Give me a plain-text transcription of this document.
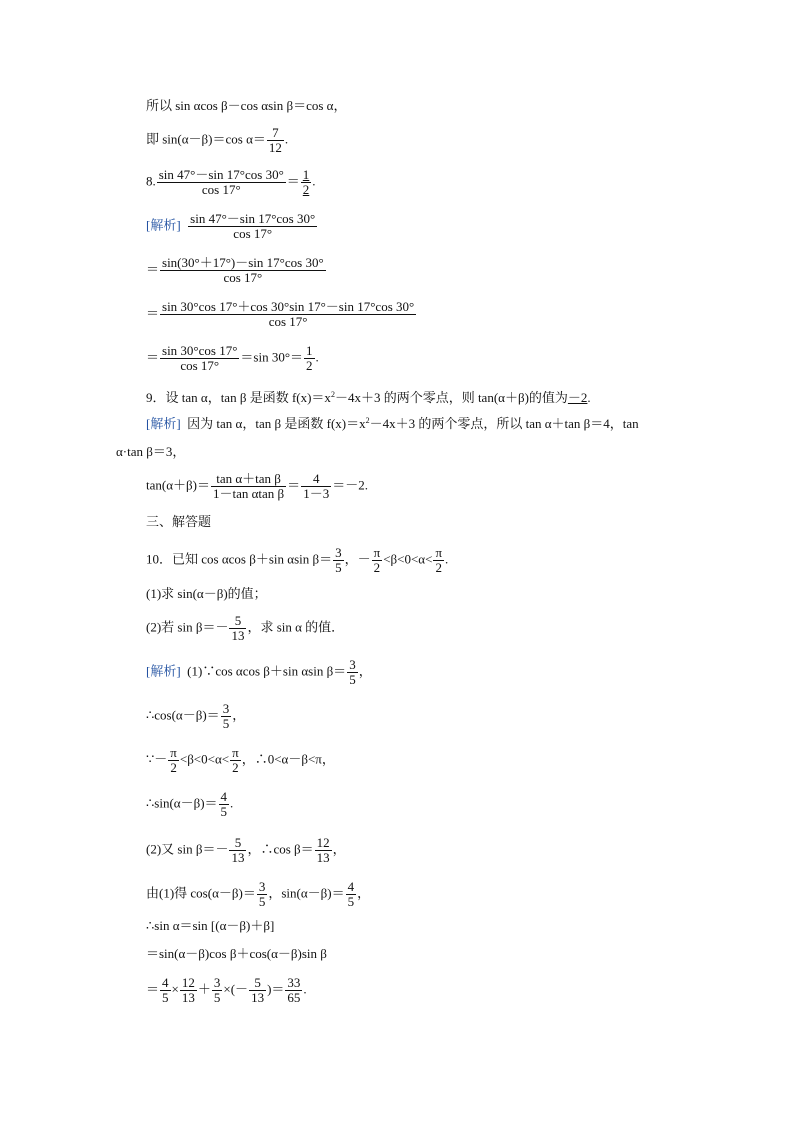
所以 sin αcos β－cos αsin β＝cos α，
即 sin(α－β)＝cos $\alpha= \frac{7}{12}$ .
8. $\frac{\sin 47^\circ-\sin 17^\circ\cos 30^\circ}{\cos 17^\circ} = \frac{1}{2}$ .
[解析] $\frac{\sin 47^\circ-\sin 17^\circ\cos 30^\circ}{\cos 17^\circ}$
＝ $\frac{\sin(30^\circ+17^\circ)-\sin 17^\circ\cos 30^\circ}{\cos 17^\circ}$
＝ $\frac{\sin 30^\circ\cos 17^\circ+\cos 30^\circ\sin 17^\circ-\sin 17^\circ\cos 30^\circ}{\cos 17^\circ}$
＝ $\frac{\sin 30^\circ\cos 17^\circ}{\cos 17^\circ} =\sin$ $30^\circ= \frac{1}{2}$ .
9．设 tan α，tan β 是函数 $f(x)=x^2-4x+3$ 的两个零点，则 tan(α＋β)的值为－2.
[解析] 因为 tan α，tan β 是函数 $f(x)=x^2-4x+3$ 的两个零点，所以 tan α＋tan β＝4，tan
α·tan β＝3，
$\tan(\alpha+\beta)= \frac{\text{tan α＋tan β}}{\text{1－tan αtan β}} = \frac{4}{1-3} =-2$.
三、解答题
10．已知 cos αcos β＋sin αsin $\beta= \frac{3}{5}$ ，－ $\frac{\pi}{2} <\beta<0<\alpha< \frac{\pi}{2}$ .
(1)求 sin(α－β)的值；
(2)若 $\sin \beta=- \frac{5}{13}$ ，求 sin α 的值．
[解析] (1)∵cos αcos β＋sin αsin $\beta= \frac{3}{5}$ ，
∴cos(α－β)＝ $\frac{3}{5}$ ，
∵－ $\frac{\pi}{2} <\beta<0<\alpha< \frac{\pi}{2}$ ，∴0<α－β<π，
∴sin(α－β)＝ $\frac{4}{5}$ .
(2)又 $\sin \beta=- \frac{5}{13}$ ，∴cos $\beta= \frac{12}{13}$ ，
由(1)得 $\cos(\alpha-\beta)= \frac{3}{5}$ ，$\sin(\alpha-\beta)= \frac{4}{5}$ ，
∴sin α＝sin [(α－β)＋β]
＝sin(α－β)cos β＋cos(α－β)sin β
＝ $\frac{4}{5} \times \frac{12}{13} + \frac{3}{5}$ ×(－ $\frac{5}{13}$ )＝ $\frac{33}{65}$ .
